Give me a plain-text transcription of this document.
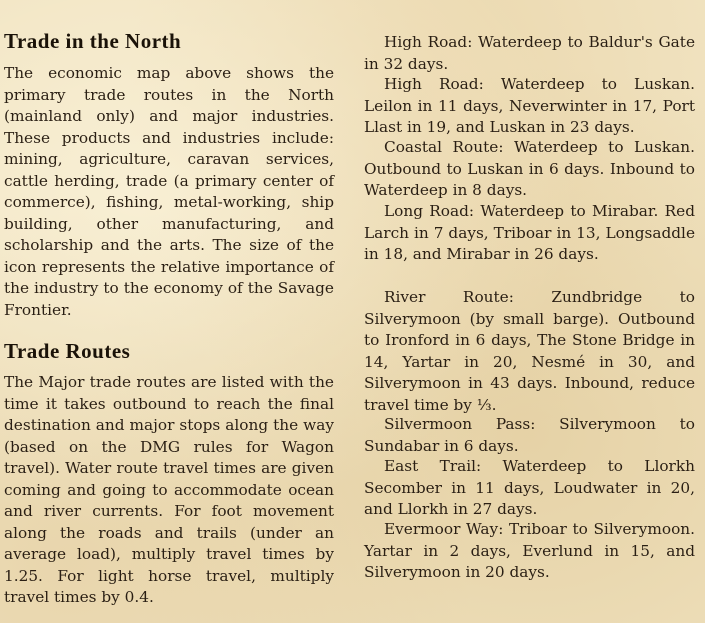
Trade in the North

The economic map above shows the primary trade routes in the North (mainland only) and major industries. These products and industries include: mining, agriculture, caravan services, cattle herding, trade (a primary center of commerce), fishing, metal-working, ship building, other manufacturing, and scholarship and the arts. The size of the icon represents the relative importance of the industry to the economy of the Savage Frontier.

Trade Routes

The Major trade routes are listed with the time it takes outbound to reach the final destination and major stops along the way (based on the DMG rules for Wagon travel). Water route travel times are given coming and going to accommodate ocean and river currents. For foot movement along the roads and trails (under an average load), multiply travel times by 1.25. For light horse travel, multiply travel times by 0.4.

High Road: Waterdeep to Baldur's Gate in 32 days.

High Road: Waterdeep to Luskan. Leilon in 11 days, Neverwinter in 17, Port Llast in 19, and Luskan in 23 days.

Coastal Route: Waterdeep to Luskan. Outbound to Luskan in 6 days. Inbound to Waterdeep in 8 days.

Long Road: Waterdeep to Mirabar. Red Larch in 7 days, Triboar in 13, Longsaddle in 18, and Mirabar in 26 days.

River Route: Zundbridge to Silverymoon (by small barge). Outbound to Ironford in 6 days, The Stone Bridge in 14, Yartar in 20, Nesmé in 30, and Silverymoon in 43 days. Inbound, reduce travel time by ⅓.

Silvermoon Pass: Silverymoon to Sundabar in 6 days.

East Trail: Waterdeep to Llorkh Secomber in 11 days, Loudwater in 20, and Llorkh in 27 days.

Evermoor Way: Triboar to Silverymoon. Yartar in 2 days, Everlund in 15, and Silverymoon in 20 days.
